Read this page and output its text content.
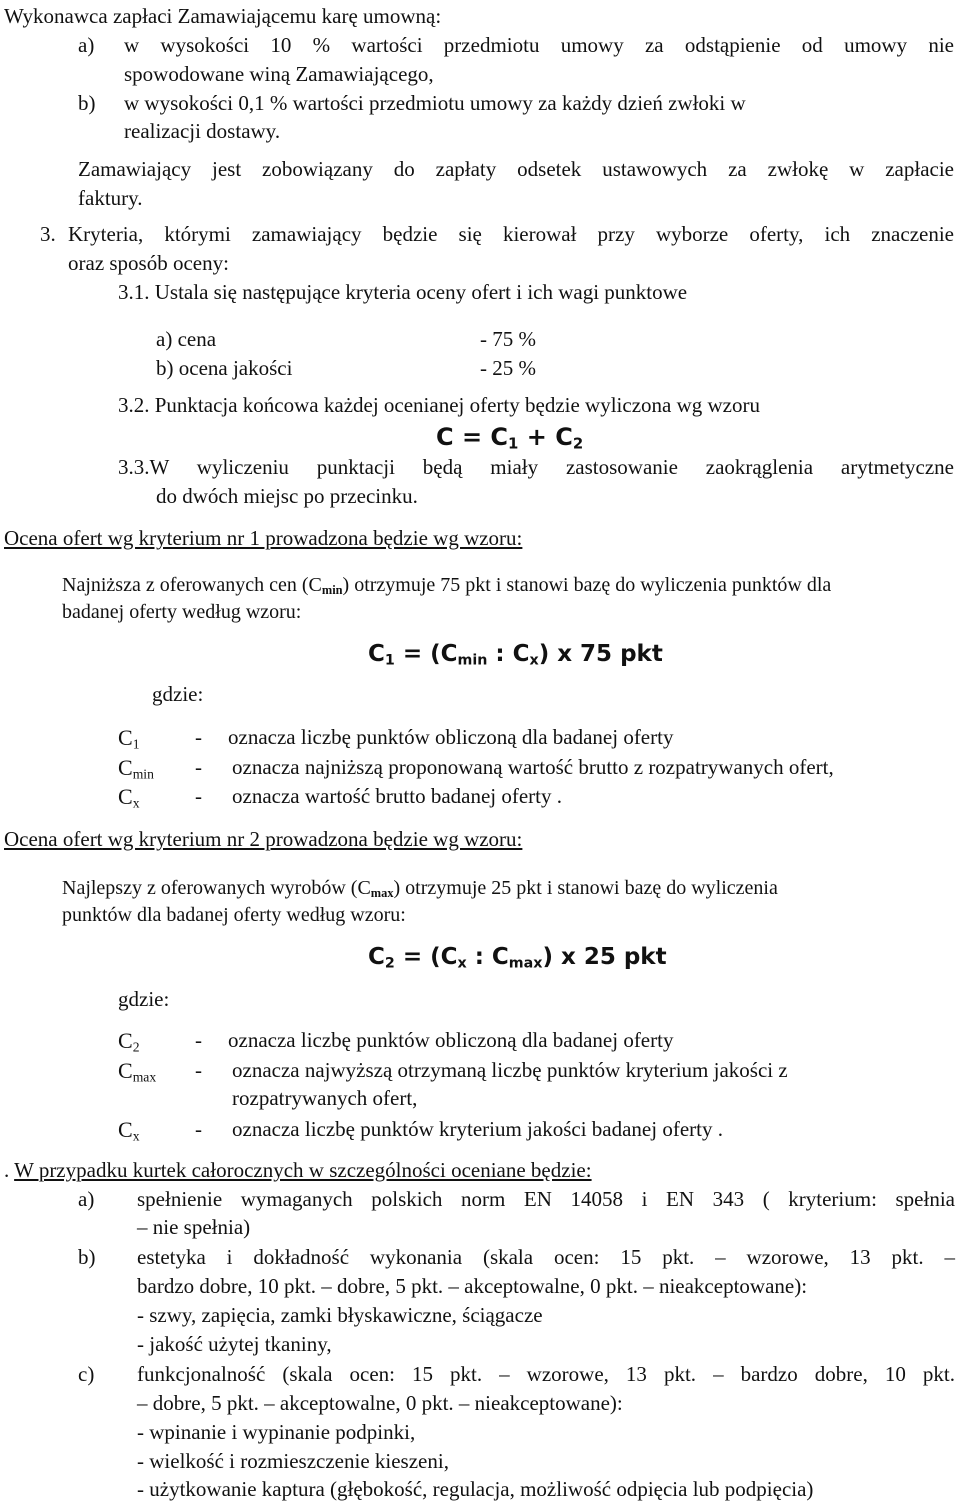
Wykonawca zapłaci Zamawiającemu karę umowną:
a) w wysokości 10 % wartości przedmiotu umowy za odstąpienie od umowy nie
spowodowane winą Zamawiającego,
b) w wysokości 0,1 % wartości przedmiotu umowy za każdy dzień zwłoki w
realizacji dostawy.
Zamawiający jest zobowiązany do zapłaty odsetek ustawowych za zwłokę w zapłacie
faktury.
3. Kryteria, którymi zamawiający będzie się kierował przy wyborze oferty, ich znaczenie
oraz sposób oceny:
3.1. Ustala się następujące kryteria oceny ofert i ich wagi punktowe
a) cena	- 75 %
b) ocena jakości	- 25 %
3.2. Punktacja końcowa każdej ocenianej oferty będzie wyliczona wg wzoru
$C = C_1 + C_2$
3.3.W wyliczeniu punktacji będą miały zastosowanie zaokrąglenia arytmetyczne
do dwóch miejsc po przecinku.
Ocena ofert wg kryterium nr 1 prowadzona będzie wg wzoru:
Najniższa z oferowanych cen $(C_{min})$ otrzymuje 75 pkt i stanowi bazę do wyliczenia punktów dla
badanej oferty według wzoru:
$C_1 = (C_{min}$ : $C_x$) x 75 pkt
gdzie:
$C_1$	- oznacza liczbę punktów obliczoną dla badanej oferty
$C_{min}$ - oznacza najniższą proponowaną wartość brutto z rozpatrywanych ofert,
$C_x$	- oznacza wartość brutto badanej oferty .
Ocena ofert wg kryterium nr 2 prowadzona będzie wg wzoru:
Najlepszy z oferowanych wyrobów $(C_{max})$ otrzymuje 25 pkt i stanowi bazę do wyliczenia
punktów dla badanej oferty według wzoru:
$C_2 = (C_x$ : $C_{max}$) x 25 pkt
gdzie:
$C_2$	- oznacza liczbę punktów obliczoną dla badanej oferty
$C_{max}$ - oznacza najwyższą otrzymaną liczbę punktów kryterium jakości z
rozpatrywanych ofert,
$C_x$	- oznacza liczbę punktów kryterium jakości badanej oferty .
. W przypadku kurtek całorocznych w szczególności oceniane będzie:
a) spełnienie wymaganych polskich norm EN 14058 i EN 343 ( kryterium: spełnia
– nie spełnia)
b) estetyka i dokładność wykonania (skala ocen: 15 pkt. – wzorowe, 13 pkt. –
bardzo dobre, 10 pkt. – dobre, 5 pkt. – akceptowalne, 0 pkt. – nieakceptowane):
- szwy, zapięcia, zamki błyskawiczne, ściągacze
- jakość użytej tkaniny,
c) funkcjonalność (skala ocen: 15 pkt. – wzorowe, 13 pkt. – bardzo dobre, 10 pkt.
– dobre, 5 pkt. – akceptowalne, 0 pkt. – nieakceptowane):
- wpinanie i wypinanie podpinki,
- wielkość i rozmieszczenie kieszeni,
- użytkowanie kaptura (głębokość, regulacja, możliwość odpięcia lub podpięcia)
